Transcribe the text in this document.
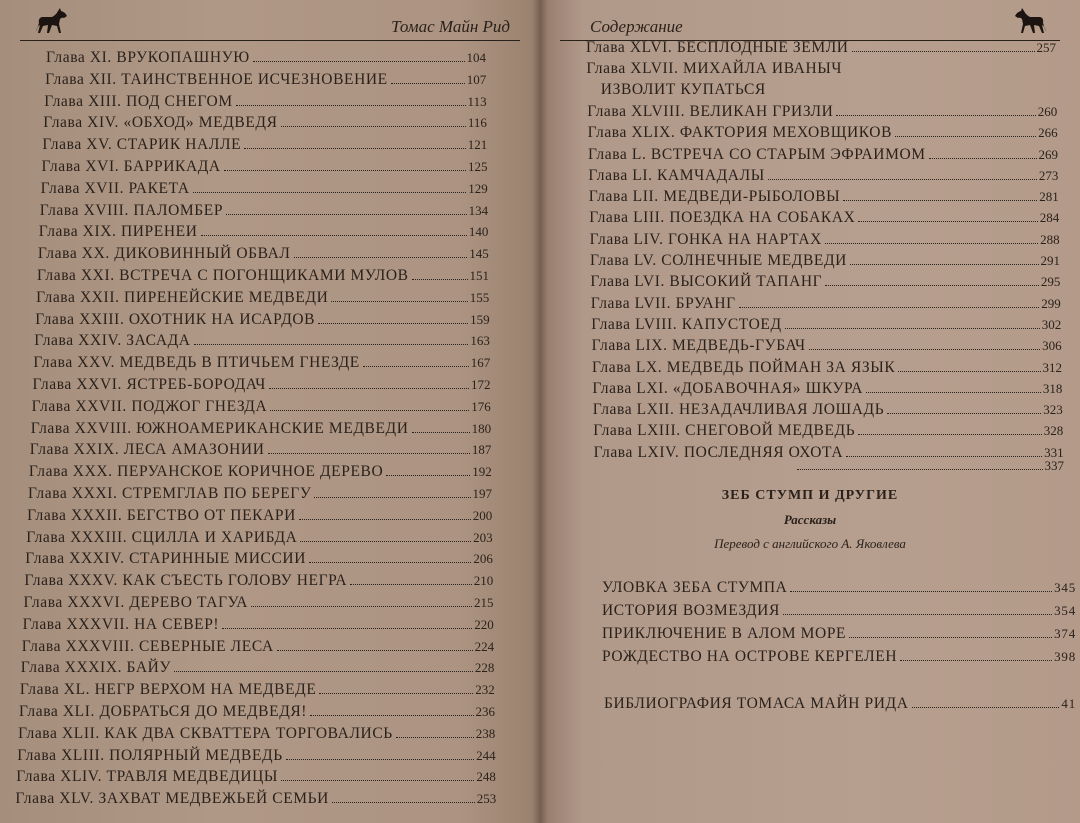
Томас Майн Рид
Глава XI. ВРУКОПАШНУЮ	104
Глава XII. ТАИНСТВЕННОЕ ИСЧЕЗНОВЕНИЕ	107
Глава XIII. ПОД СНЕГОМ	113
Глава XIV. «ОБХОД» МЕДВЕДЯ	116
Глава XV. СТАРИК НАЛЛЕ	121
Глава XVI. БАРРИКАДА	125
Глава XVII. РАКЕТА	129
Глава XVIII. ПАЛОМБЕР	134
Глава XIX. ПИРЕНЕИ	140
Глава XX. ДИКОВИННЫЙ ОБВАЛ	145
Глава XXI. ВСТРЕЧА С ПОГОНЩИКАМИ МУЛОВ	151
Глава XXII. ПИРЕНЕЙСКИЕ МЕДВЕДИ	155
Глава XXIII. ОХОТНИК НА ИСАРДОВ	159
Глава XXIV. ЗАСАДА	163
Глава XXV. МЕДВЕДЬ В ПТИЧЬЕМ ГНЕЗДЕ	167
Глава XXVI. ЯСТРЕБ-БОРОДАЧ	172
Глава XXVII. ПОДЖОГ ГНЕЗДА	176
Глава XXVIII. ЮЖНОАМЕРИКАНСКИЕ МЕДВЕДИ	180
Глава XXIX. ЛЕСА АМАЗОНИИ	187
Глава XXX. ПЕРУАНСКОЕ КОРИЧНОЕ ДЕРЕВО	192
Глава XXXI. СТРЕМГЛАВ ПО БЕРЕГУ	197
Глава XXXII. БЕГСТВО ОТ ПЕКАРИ	200
Глава XXXIII. СЦИЛЛА И ХАРИБДА	203
Глава XXXIV. СТАРИННЫЕ МИССИИ	206
Глава XXXV. КАК СЪЕСТЬ ГОЛОВУ НЕГРА	210
Глава XXXVI. ДЕРЕВО ТАГУА	215
Глава XXXVII. НА СЕВЕР!	220
Глава XXXVIII. СЕВЕРНЫЕ ЛЕСА	224
Глава XXXIX. БАЙУ	228
Глава XL. НЕГР ВЕРХОМ НА МЕДВЕДЕ	232
Глава XLI. ДОБРАТЬСЯ ДО МЕДВЕДЯ!	236
Глава XLII. КАК ДВА СКВАТТЕРА ТОРГОВАЛИСЬ	238
Глава XLIII. ПОЛЯРНЫЙ МЕДВЕДЬ	244
Глава XLIV. ТРАВЛЯ МЕДВЕДИЦЫ	248
Глава XLV. ЗАХВАТ МЕДВЕЖЬЕЙ СЕМЬИ	253
Содержание
Глава XLVI. БЕСПЛОДНЫЕ ЗЕМЛИ	257
Глава XLVII. МИХАЙЛА ИВАНЫЧ
ИЗВОЛИТ КУПАТЬСЯ
Глава XLVIII. ВЕЛИКАН ГРИЗЛИ	260
Глава XLIX. ФАКТОРИЯ МЕХОВЩИКОВ	266
Глава L. ВСТРЕЧА СО СТАРЫМ ЭФРАИМОМ	269
Глава LI. КАМЧАДАЛЫ	273
Глава LII. МЕДВЕДИ-РЫБОЛОВЫ	281
Глава LIII. ПОЕЗДКА НА СОБАКАХ	284
Глава LIV. ГОНКА НА НАРТАХ	288
Глава LV. СОЛНЕЧНЫЕ МЕДВЕДИ	291
Глава LVI. ВЫСОКИЙ ТАПАНГ	295
Глава LVII. БРУАНГ	299
Глава LVIII. КАПУСТОЕД	302
Глава LIX. МЕДВЕДЬ-ГУБАЧ	306
Глава LX. МЕДВЕДЬ ПОЙМАН ЗА ЯЗЫК	312
Глава LXI. «ДОБАВОЧНАЯ» ШКУРА	318
Глава LXII. НЕЗАДАЧЛИВАЯ ЛОШАДЬ	323
Глава LXIII. СНЕГОВОЙ МЕДВЕДЬ	328
Глава LXIV. ПОСЛЕДНЯЯ ОХОТА	331
337
ЗЕБ СТУМП И ДРУГИЕ
Рассказы
Перевод с английского А. Яковлева
УЛОВКА ЗЕБА СТУМПА	345
ИСТОРИЯ ВОЗМЕЗДИЯ	354
ПРИКЛЮЧЕНИЕ В АЛОМ МОРЕ	374
РОЖДЕСТВО НА ОСТРОВЕ КЕРГЕЛЕН	398
БИБЛИОГРАФИЯ ТОМАСА МАЙН РИДА	41
